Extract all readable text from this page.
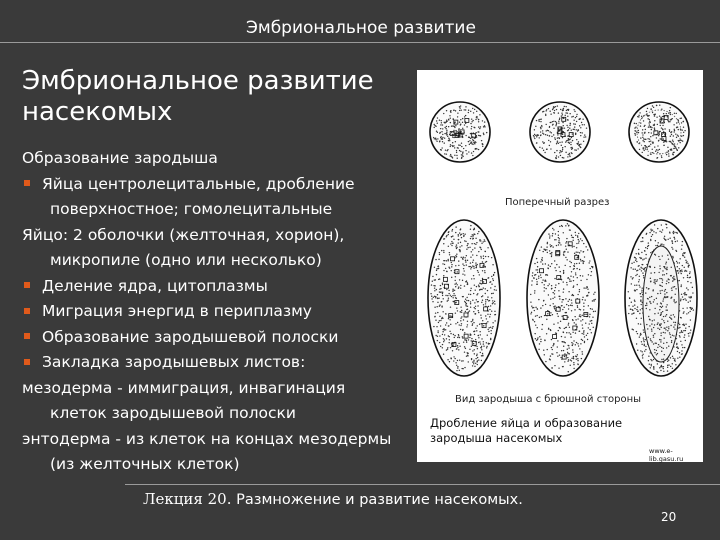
Эмбриональное развитие
Эмбриональное развитие
насекомых
Образование зародыша
Яйца центролецитальные, дробление
поверхностное; гомолецитальные
Яйцо: 2 оболочки (желточная, хорион),
микропиле (одно или несколько)
Деление ядра, цитоплазмы
Миграция энергид в периплазму
Образование зародышевой полоски
Закладка зародышевых листов:
мезодерма - иммиграция, инвагинация
клеток зародышевой полоски
энтодерма - из клеток на концах мезодермы
(из желточных клеток)
Поперечный разрез
Вид зародыша с брюшной стороны
Дробление яйца и образование
зародыша насекомых
www.e-lib.gasu.ru
Лекция 20. Размножение и развитие насекомых.
20
